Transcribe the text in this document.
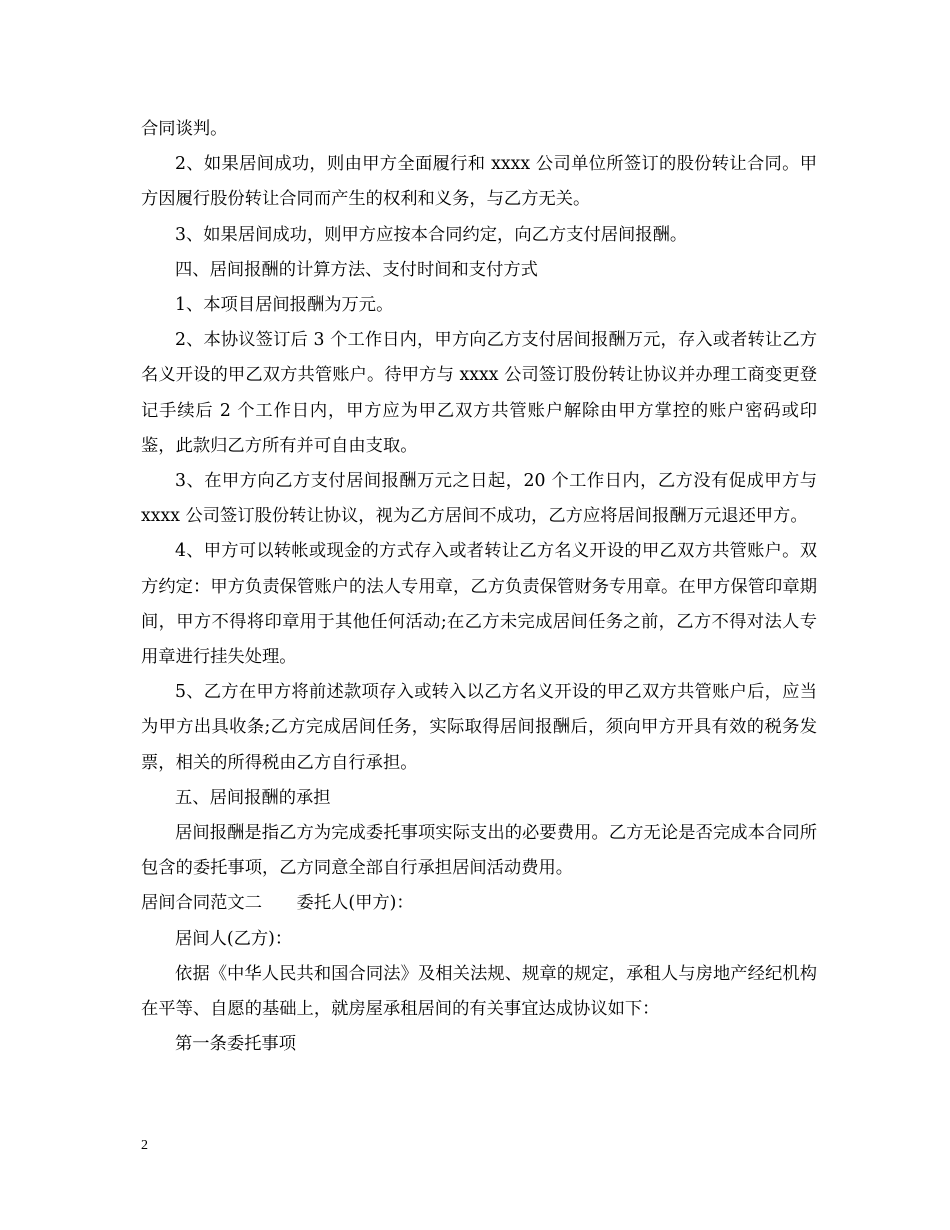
合同谈判。

2、如果居间成功，则由甲方全面履行和 xxxx 公司单位所签订的股份转让合同。甲方因履行股份转让合同而产生的权利和义务，与乙方无关。

3、如果居间成功，则甲方应按本合同约定，向乙方支付居间报酬。

四、居间报酬的计算方法、支付时间和支付方式

1、本项目居间报酬为万元。

2、本协议签订后 3 个工作日内，甲方向乙方支付居间报酬万元，存入或者转让乙方名义开设的甲乙双方共管账户。待甲方与 xxxx 公司签订股份转让协议并办理工商变更登记手续后 2 个工作日内，甲方应为甲乙双方共管账户解除由甲方掌控的账户密码或印鉴，此款归乙方所有并可自由支取。

3、在甲方向乙方支付居间报酬万元之日起，20 个工作日内，乙方没有促成甲方与 xxxx 公司签订股份转让协议，视为乙方居间不成功，乙方应将居间报酬万元退还甲方。

4、甲方可以转帐或现金的方式存入或者转让乙方名义开设的甲乙双方共管账户。双方约定：甲方负责保管账户的法人专用章，乙方负责保管财务专用章。在甲方保管印章期间，甲方不得将印章用于其他任何活动;在乙方未完成居间任务之前，乙方不得对法人专用章进行挂失处理。

5、乙方在甲方将前述款项存入或转入以乙方名义开设的甲乙双方共管账户后，应当为甲方出具收条;乙方完成居间任务，实际取得居间报酬后，须向甲方开具有效的税务发票，相关的所得税由乙方自行承担。

五、居间报酬的承担

居间报酬是指乙方为完成委托事项实际支出的必要费用。乙方无论是否完成本合同所包含的委托事项，乙方同意全部自行承担居间活动费用。

居间合同范文二　　委托人(甲方)：

居间人(乙方)：

依据《中华人民共和国合同法》及相关法规、规章的规定，承租人与房地产经纪机构在平等、自愿的基础上，就房屋承租居间的有关事宜达成协议如下：

第一条委托事项

2
